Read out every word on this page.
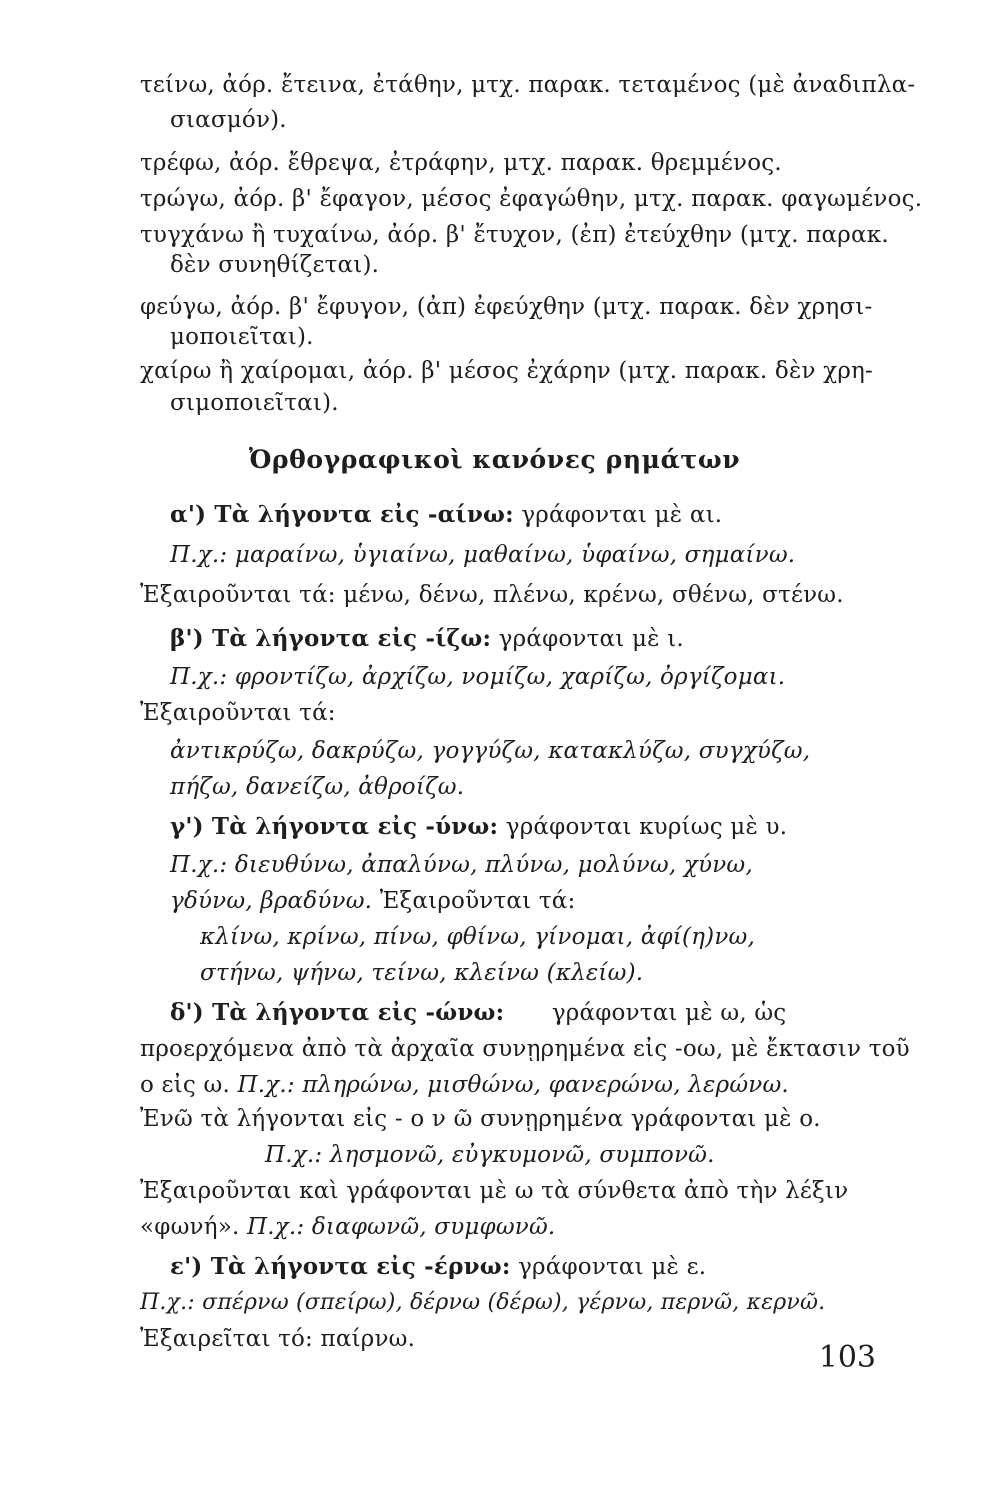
τείνω, ἀόρ. ἔτεινα, ἐτάθην, μτχ. παρακ. τεταμένος (μὲ ἀναδιπλα-
σιασμόν).
τρέφω, ἀόρ. ἔθρεψα, ἐτράφην, μτχ. παρακ. θρεμμένος.
τρώγω, ἀόρ. β' ἔφαγον, μέσος ἐφαγώθην, μτχ. παρακ. φαγωμένος.
τυγχάνω ἢ τυχαίνω, ἀόρ. β' ἔτυχον, (ἐπ) ἐτεύχθην (μτχ. παρακ.
δὲν συνηθίζεται).
φεύγω, ἀόρ. β' ἔφυγον, (ἀπ) ἐφεύχθην (μτχ. παρακ. δὲν χρησι-
μοποιεῖται).
χαίρω ἢ χαίρομαι, ἀόρ. β' μέσος ἐχάρην (μτχ. παρακ. δὲν χρη-
σιμοποιεῖται).
Ὀρθογραφικοὶ κανόνες ρημάτων
α') Τὰ λήγοντα εἰς -αίνω: γράφονται μὲ αι.
Π.χ.: μαραίνω, ὑγιαίνω, μαθαίνω, ὑφαίνω, σημαίνω.
Ἐξαιροῦνται τά: μένω, δένω, πλένω, κρένω, σθένω, στένω.
β') Τὰ λήγοντα εἰς -ίζω: γράφονται μὲ ι.
Π.χ.: φροντίζω, ἀρχίζω, νομίζω, χαρίζω, ὀργίζομαι.
Ἐξαιροῦνται τά:
ἀντικρύζω, δακρύζω, γογγύζω, κατακλύζω, συγχύζω,
πήζω, δανείζω, ἀθροίζω.
γ') Τὰ λήγοντα εἰς -ύνω: γράφονται κυρίως μὲ υ.
Π.χ.: διευθύνω, ἀπαλύνω, πλύνω, μολύνω, χύνω,
γδύνω, βραδύνω. Ἐξαιροῦνται τά:
κλίνω, κρίνω, πίνω, φθίνω, γίνομαι, ἀφί(η)νω,
στήνω, ψήνω, τείνω, κλείνω (κλείω).
δ') Τὰ λήγοντα εἰς -ώνω: γράφονται μὲ ω, ὡς
προερχόμενα ἀπὸ τὰ ἀρχαῖα συνῃρημένα εἰς -οω, μὲ ἔκτασιν τοῦ
ο εἰς ω. Π.χ.: πληρώνω, μισθώνω, φανερώνω, λερώνω.
Ἐνῶ τὰ λήγονται εἰς - ο ν ῶ συνῃρημένα γράφονται μὲ ο.
Π.χ.: λησμονῶ, εὐγκυμονῶ, συμπονῶ.
Ἐξαιροῦνται καὶ γράφονται μὲ ω τὰ σύνθετα ἀπὸ τὴν λέξιν
«φωνή». Π.χ.: διαφωνῶ, συμφωνῶ.
ε') Τὰ λήγοντα εἰς -έρνω: γράφονται μὲ ε.
Π.χ.: σπέρνω (σπείρω), δέρνω (δέρω), γέρνω, περνῶ, κερνῶ.
Ἐξαιρεῖται τό: παίρνω.
103
